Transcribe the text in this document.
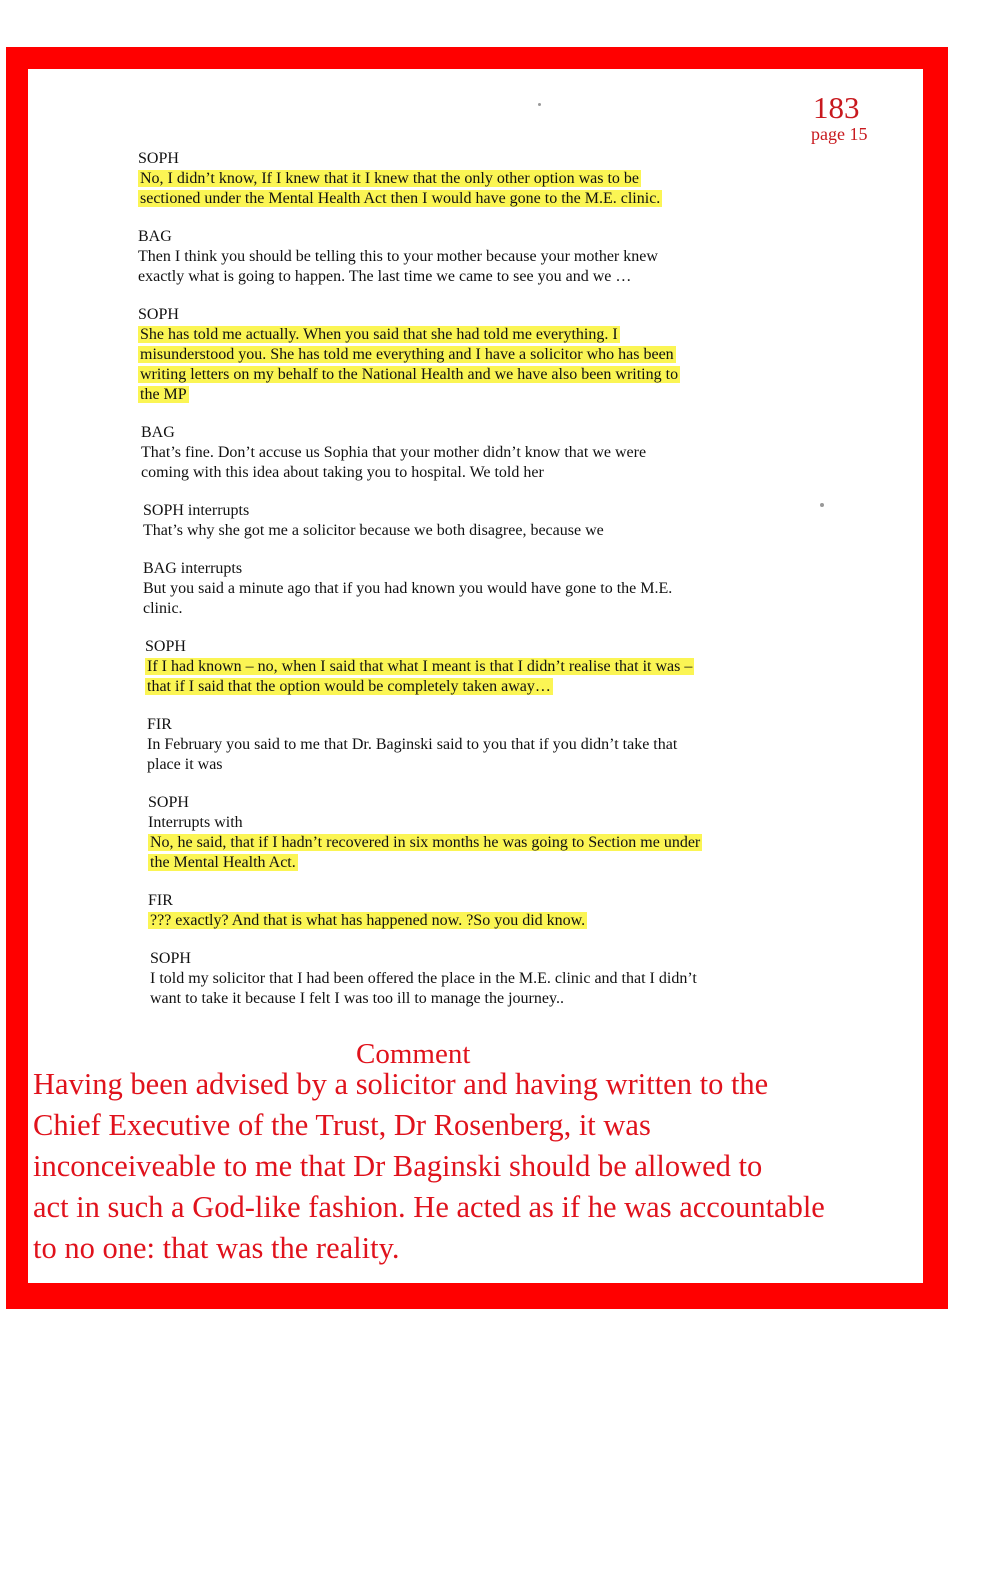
183
page 15
SOPH
No, I didn’t know, If I knew that it I knew that the only other option was to be
sectioned under the Mental Health Act then I would have gone to the M.E. clinic.
BAG
Then I think you should be telling this to your mother because your mother knew
exactly what is going to happen. The last time we came to see you and we …
SOPH
She has told me actually. When you said that she had told me everything. I
misunderstood you. She has told me everything and I have a solicitor who has been
writing letters on my behalf to the National Health and we have also been writing to
the MP
BAG
That’s fine. Don’t accuse us Sophia that your mother didn’t know that we were
coming with this idea about taking you to hospital. We told her
SOPH interrupts
That’s why she got me a solicitor because we both disagree, because we
BAG interrupts
But you said a minute ago that if you had known you would have gone to the M.E.
clinic.
SOPH
If I had known – no, when I said that what I meant is that I didn’t realise that it was –
that if I said that the option would be completely taken away…
FIR
In February you said to me that Dr. Baginski said to you that if you didn’t take that
place it was
SOPH
Interrupts with
No, he said, that if I hadn’t recovered in six months he was going to Section me under
the Mental Health Act.
FIR
??? exactly? And that is what has happened now. ?So you did know.
SOPH
I told my solicitor that I had been offered the place in the M.E. clinic and that I didn’t
want to take it because I felt I was too ill to manage the journey..
Comment
Having been advised by a solicitor and having written to the
Chief Executive of the Trust, Dr Rosenberg, it was
inconceiveable to me that Dr Baginski should be allowed to
act in such a God-like fashion. He acted as if he was accountable
to no one: that was the reality.
